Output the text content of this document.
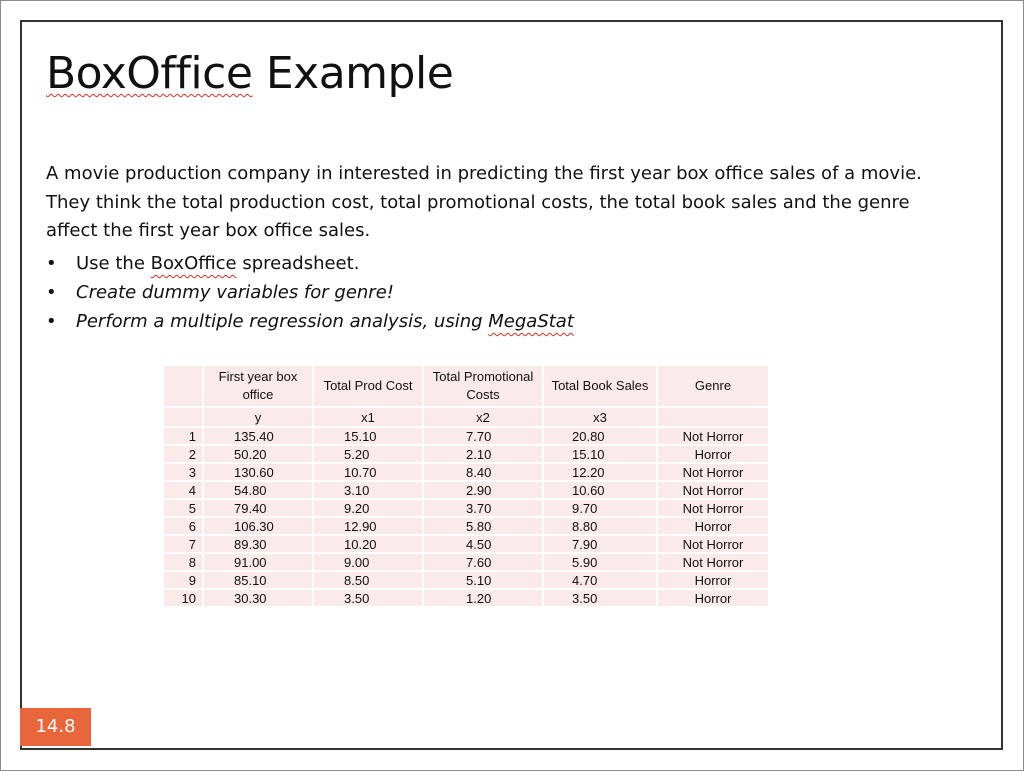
BoxOffice Example

A movie production company in interested in predicting the first year box office sales of a movie. They think the total production cost, total promotional costs, the total book sales and the genre affect the first year box office sales.

• Use the BoxOffice spreadsheet.
• Create dummy variables for genre!
• Perform a multiple regression analysis, using MegaStat
	First year box office	Total Prod Cost	Total Promotional Costs	Total Book Sales	Genre
	y	x1	x2	x3	
1	135.40	15.10	7.70	20.80	Not Horror
2	50.20	5.20	2.10	15.10	Horror
3	130.60	10.70	8.40	12.20	Not Horror
4	54.80	3.10	2.90	10.60	Not Horror
5	79.40	9.20	3.70	9.70	Not Horror
6	106.30	12.90	5.80	8.80	Horror
7	89.30	10.20	4.50	7.90	Not Horror
8	91.00	9.00	7.60	5.90	Not Horror
9	85.10	8.50	5.10	4.70	Horror
10	30.30	3.50	1.20	3.50	Horror
14.8
